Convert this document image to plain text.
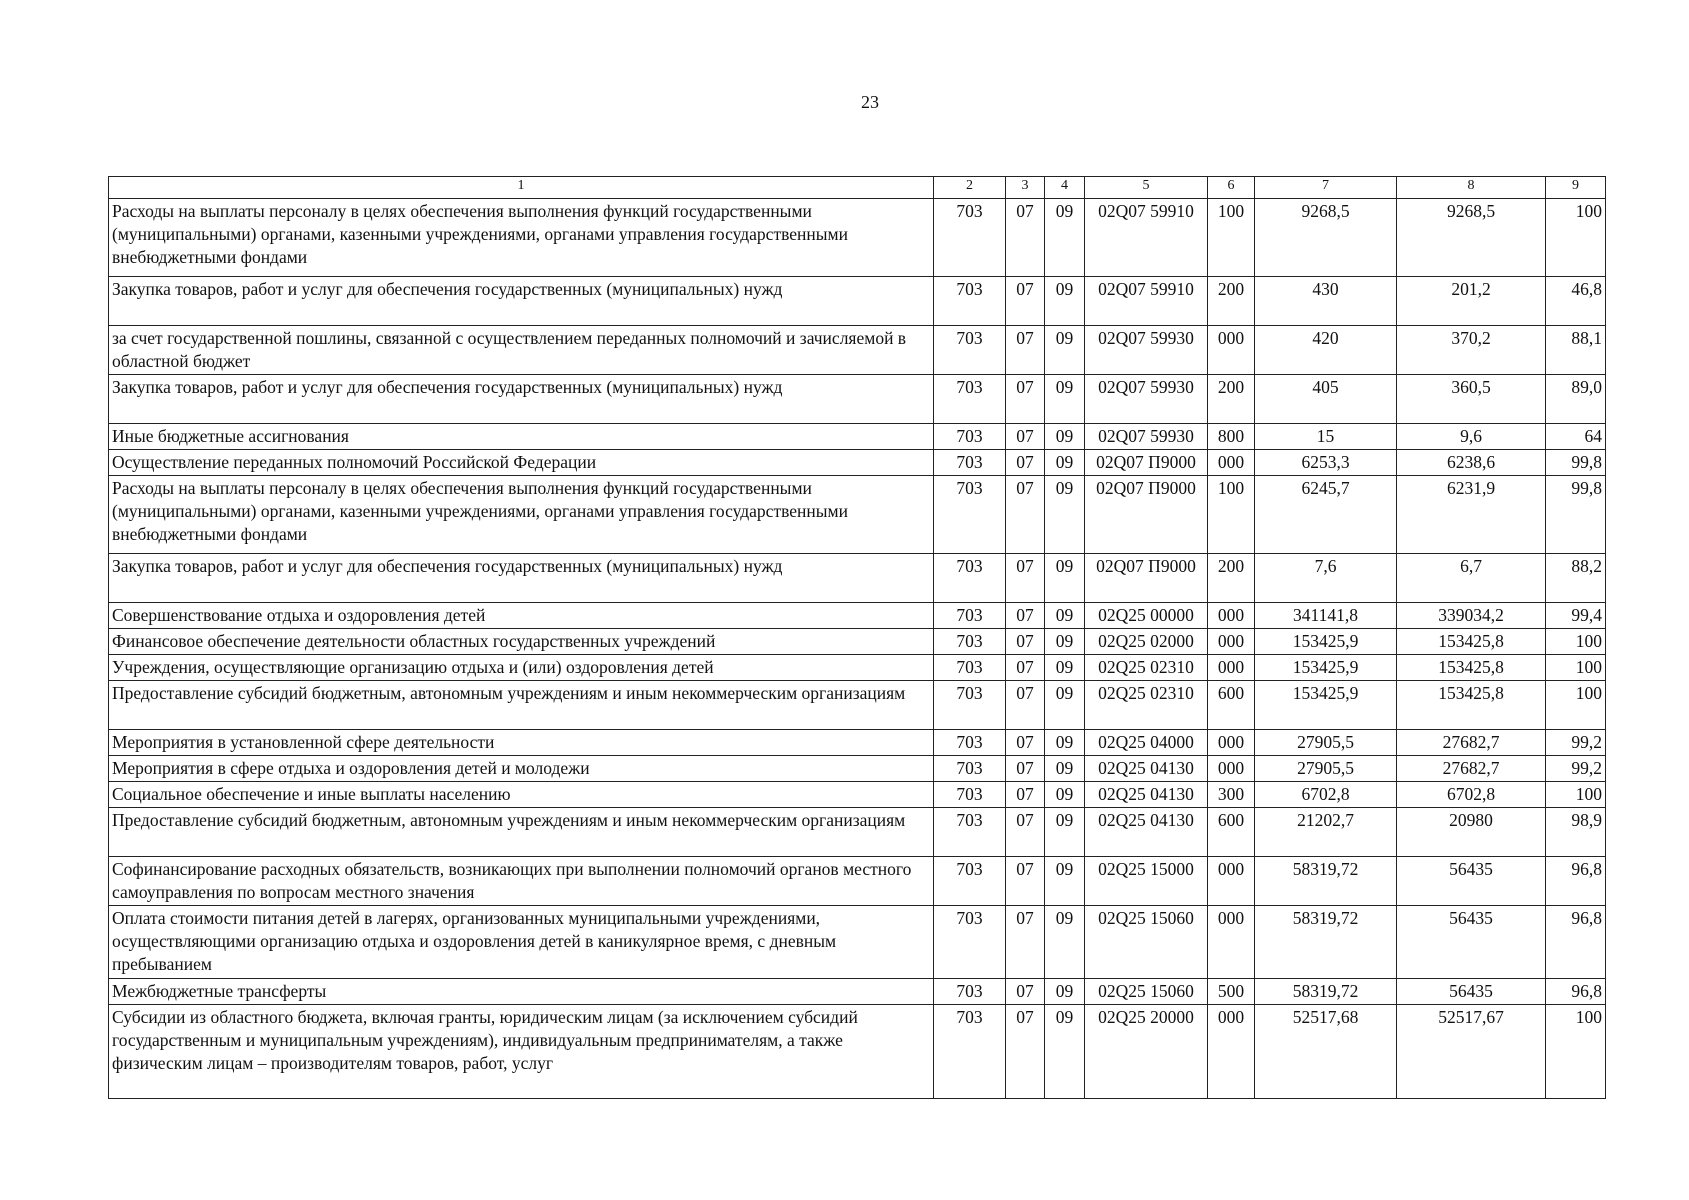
23
1	2	3	4	5	6	7	8	9
Расходы на выплаты персоналу в целях обеспечения выполнения функций государственными (муниципальными) органами, казенными учреждениями, органами управления государственными внебюджетными фондами	703	07	09	02Q07 59910	100	9268,5	9268,5	100
Закупка товаров, работ и услуг для обеспечения государственных (муниципальных) нужд	703	07	09	02Q07 59910	200	430	201,2	46,8
за счет государственной пошлины, связанной с осуществлением переданных полномочий и зачисляемой в областной бюджет	703	07	09	02Q07 59930	000	420	370,2	88,1
Закупка товаров, работ и услуг для обеспечения государственных (муниципальных) нужд	703	07	09	02Q07 59930	200	405	360,5	89,0
Иные бюджетные ассигнования	703	07	09	02Q07 59930	800	15	9,6	64
Осуществление переданных полномочий Российской Федерации	703	07	09	02Q07 П9000	000	6253,3	6238,6	99,8
Расходы на выплаты персоналу в целях обеспечения выполнения функций государственными (муниципальными) органами, казенными учреждениями, органами управления государственными внебюджетными фондами	703	07	09	02Q07 П9000	100	6245,7	6231,9	99,8
Закупка товаров, работ и услуг для обеспечения государственных (муниципальных) нужд	703	07	09	02Q07 П9000	200	7,6	6,7	88,2
Совершенствование отдыха и оздоровления детей	703	07	09	02Q25 00000	000	341141,8	339034,2	99,4
Финансовое обеспечение деятельности областных государственных учреждений	703	07	09	02Q25 02000	000	153425,9	153425,8	100
Учреждения, осуществляющие организацию отдыха и (или) оздоровления детей	703	07	09	02Q25 02310	000	153425,9	153425,8	100
Предоставление субсидий бюджетным, автономным учреждениям и иным некоммерческим организациям	703	07	09	02Q25 02310	600	153425,9	153425,8	100
Мероприятия в установленной сфере деятельности	703	07	09	02Q25 04000	000	27905,5	27682,7	99,2
Мероприятия в сфере отдыха и оздоровления детей и молодежи	703	07	09	02Q25 04130	000	27905,5	27682,7	99,2
Социальное обеспечение и иные выплаты населению	703	07	09	02Q25 04130	300	6702,8	6702,8	100
Предоставление субсидий бюджетным, автономным учреждениям и иным некоммерческим организациям	703	07	09	02Q25 04130	600	21202,7	20980	98,9
Софинансирование расходных обязательств, возникающих при выполнении полномочий органов местного самоуправления по вопросам местного значения	703	07	09	02Q25 15000	000	58319,72	56435	96,8
Оплата стоимости питания детей в лагерях, организованных муниципальными учреждениями, осуществляющими организацию отдыха и оздоровления детей в каникулярное время, с дневным пребыванием	703	07	09	02Q25 15060	000	58319,72	56435	96,8
Межбюджетные трансферты	703	07	09	02Q25 15060	500	58319,72	56435	96,8
Субсидии из областного бюджета, включая гранты, юридическим лицам (за исключением субсидий государственным и муниципальным учреждениям), индивидуальным предпринимателям, а также физическим лицам – производителям товаров, работ, услуг	703	07	09	02Q25 20000	000	52517,68	52517,67	100
